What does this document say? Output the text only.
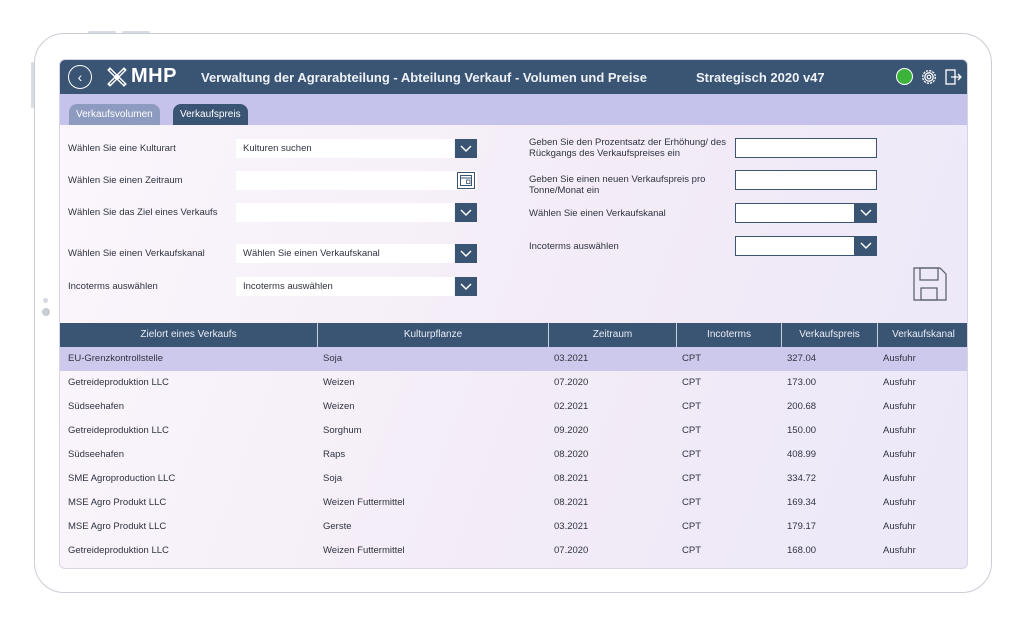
‹	MHP Verwaltung der Agrarabteilung - Abteilung Verkauf - Volumen und Preise	Strategisch 2020 v47
Verkaufsvolumen	Verkaufspreis
Wählen Sie eine Kulturart	Kulturen suchen
Wählen Sie einen Zeitraum
Wählen Sie das Ziel eines Verkaufs
Wählen Sie einen Verkaufskanal	Wählen Sie einen Verkaufskanal
Incoterms auswählen	Incoterms auswählen
Geben Sie den Prozentsatz der Erhöhung/ des Rückgangs des Verkaufspreises ein
Geben Sie einen neuen Verkaufspreis pro Tonne/Monat ein
Wählen Sie einen Verkaufskanal
Incoterms auswählen
Zielort eines Verkaufs	Kulturpflanze	Zeitraum	Incoterms	Verkaufspreis	Verkaufskanal
EU-Grenzkontrollstelle	Soja	03.2021	CPT	327.04	Ausfuhr
Getreideproduktion LLC	Weizen	07.2020	CPT	173.00	Ausfuhr
Südseehafen	Weizen	02.2021	CPT	200.68	Ausfuhr
Getreideproduktion LLC	Sorghum	09.2020	CPT	150.00	Ausfuhr
Südseehafen	Raps	08.2020	CPT	408.99	Ausfuhr
SME Agroproduction LLC	Soja	08.2021	CPT	334.72	Ausfuhr
MSE Agro Produkt LLC	Weizen Futtermittel	08.2021	CPT	169.34	Ausfuhr
MSE Agro Produkt LLC	Gerste	03.2021	CPT	179.17	Ausfuhr
Getreideproduktion LLC	Weizen Futtermittel	07.2020	CPT	168.00	Ausfuhr
